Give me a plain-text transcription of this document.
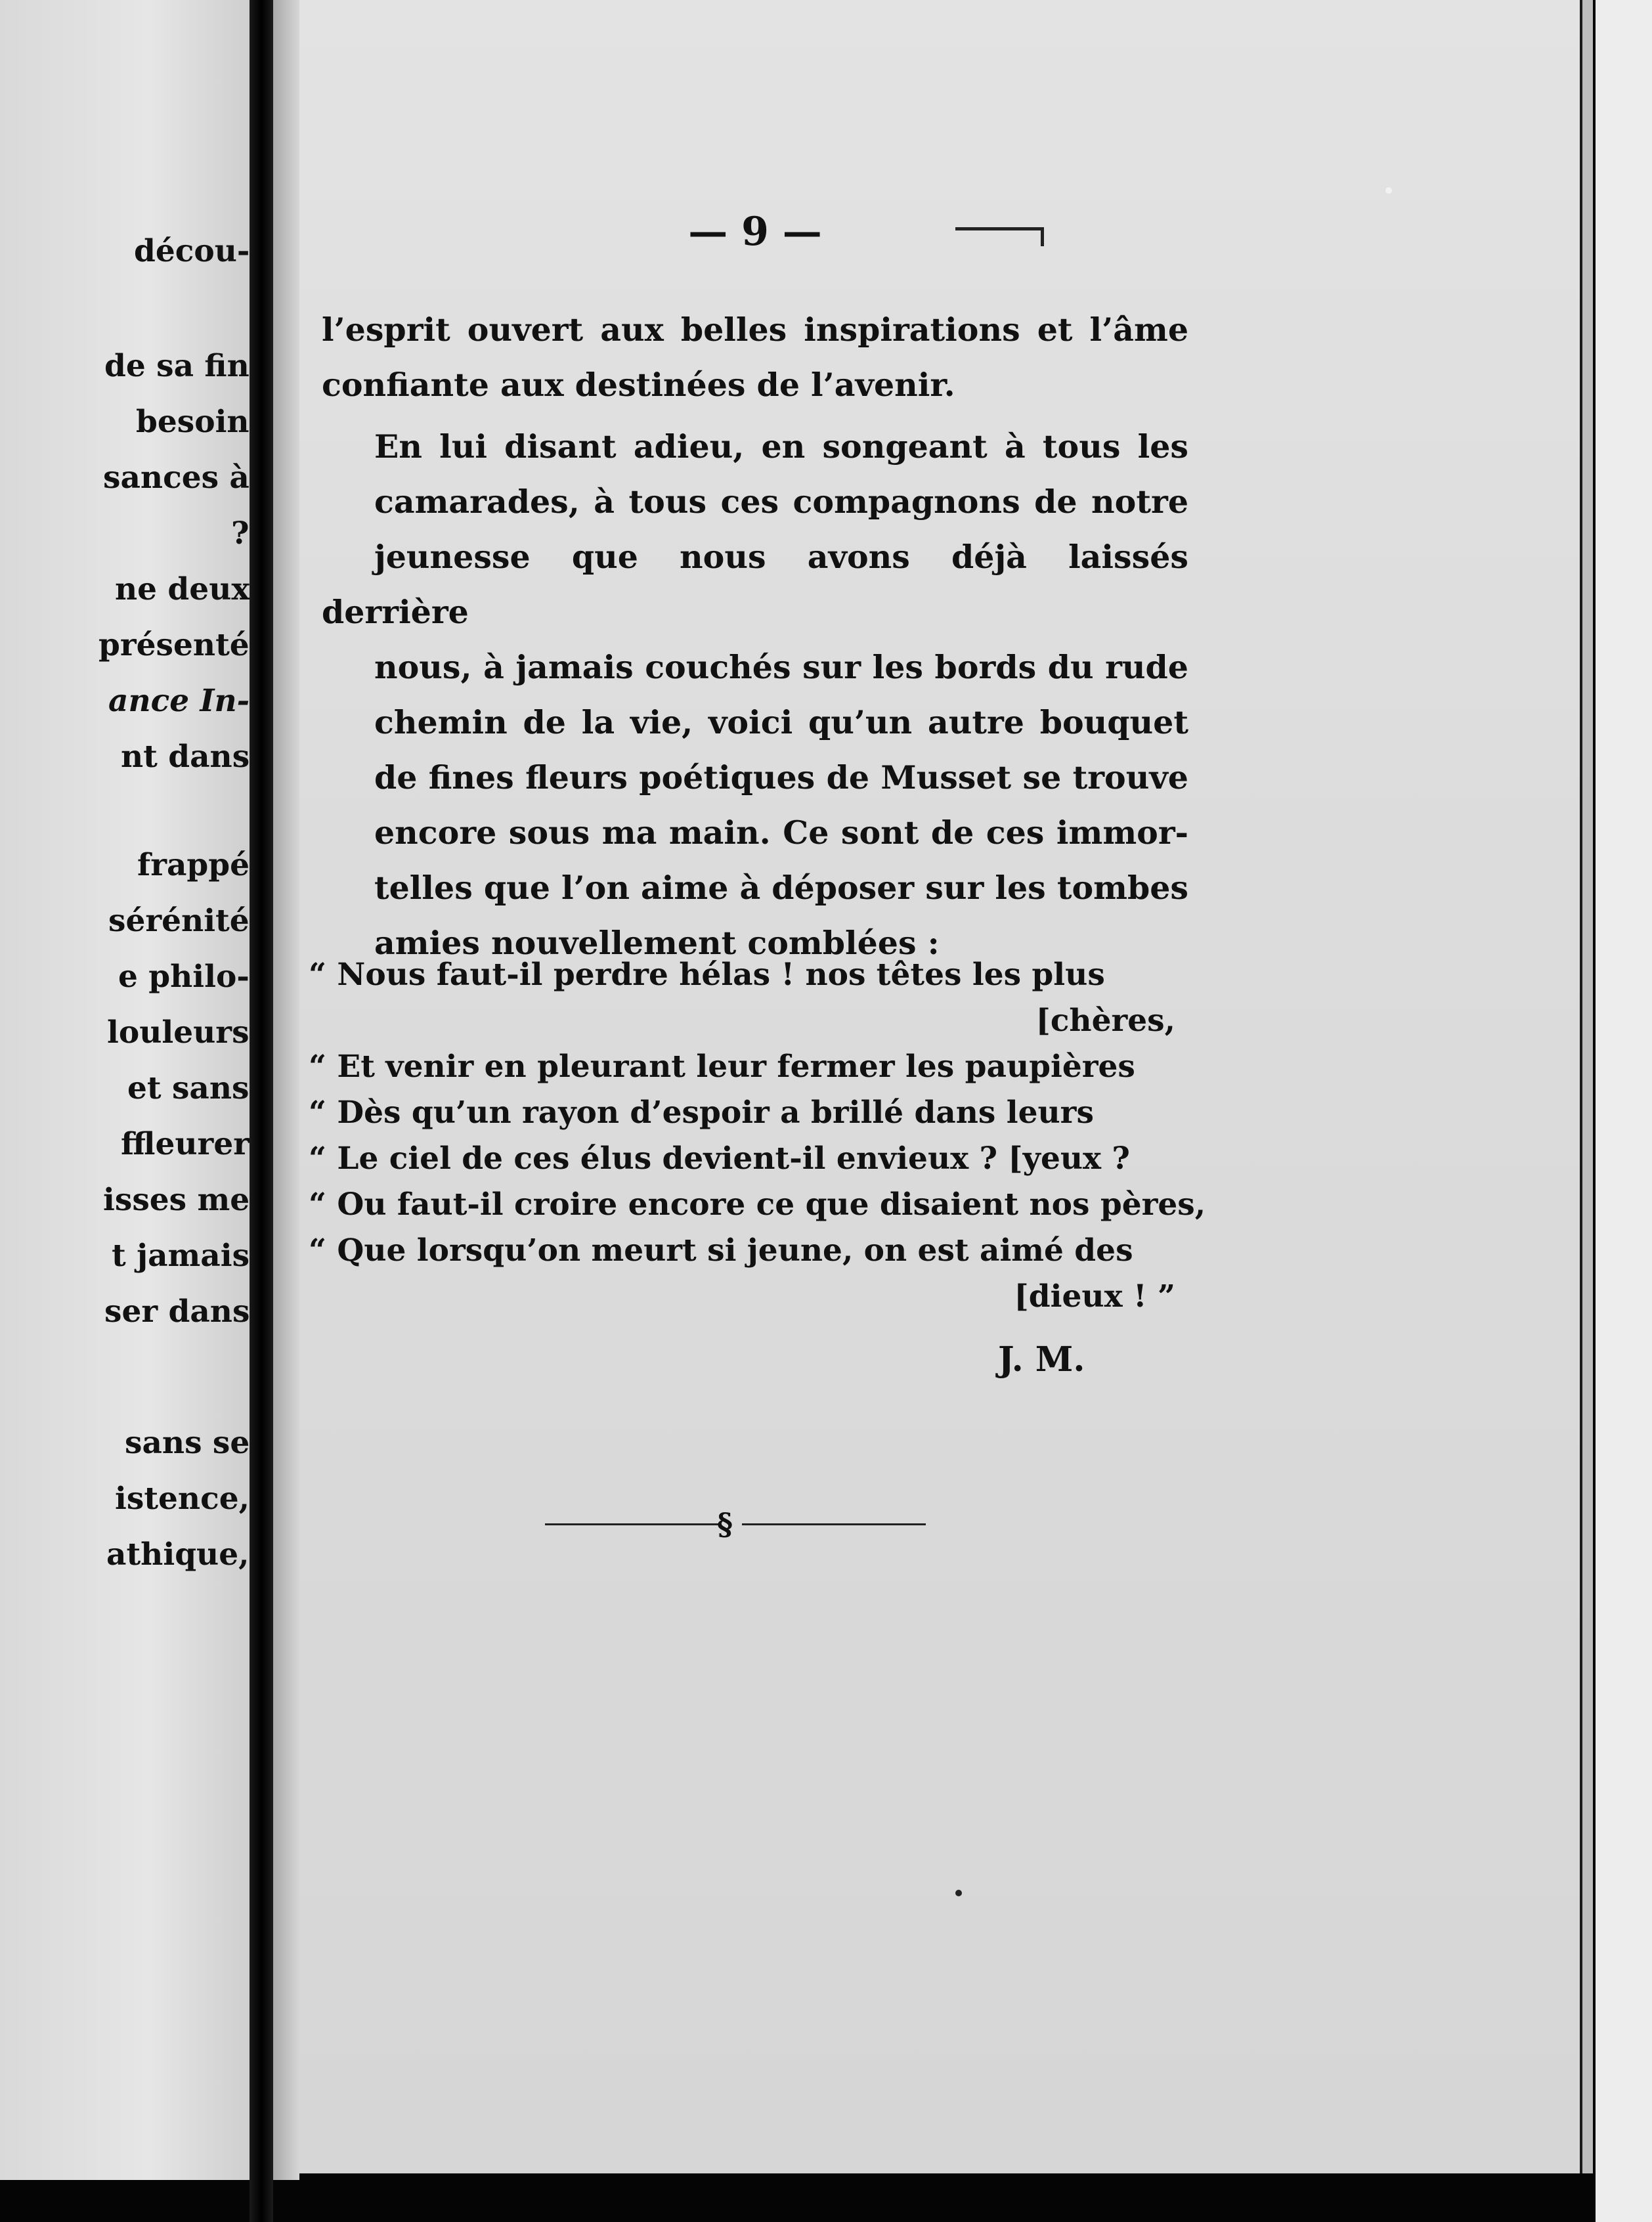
décou-
de sa fin
besoin
sances à
?
ne deux
présenté
ance In-
nt dans
frappé
sérénité
e philo-
louleurs
et sans
ffleurer
isses me
t jamais
ser dans
sans se
istence,
athique,
— 9 —

l’esprit ouvert aux belles inspirations et l’âme
confiante aux destinées de l’avenir.

En lui disant adieu, en songeant à tous les
camarades, à tous ces compagnons de notre
jeunesse que nous avons déjà laissés derrière
nous, à jamais couchés sur les bords du rude
chemin de la vie, voici qu’un autre bouquet
de fines fleurs poétiques de Musset se trouve
encore sous ma main. Ce sont de ces immor-
telles que l’on aime à déposer sur les tombes
amies nouvellement comblées :

“ Nous faut-il perdre hélas ! nos têtes les plus
[chères,
“ Et venir en pleurant leur fermer les paupières
“ Dès qu’un rayon d’espoir a brillé dans leurs
“ Le ciel de ces élus devient-il envieux ? [yeux ?
“ Ou faut-il croire encore ce que disaient nos pères,
“ Que lorsqu’on meurt si jeune, on est aimé des
[dieux ! ”
J. M.
§
